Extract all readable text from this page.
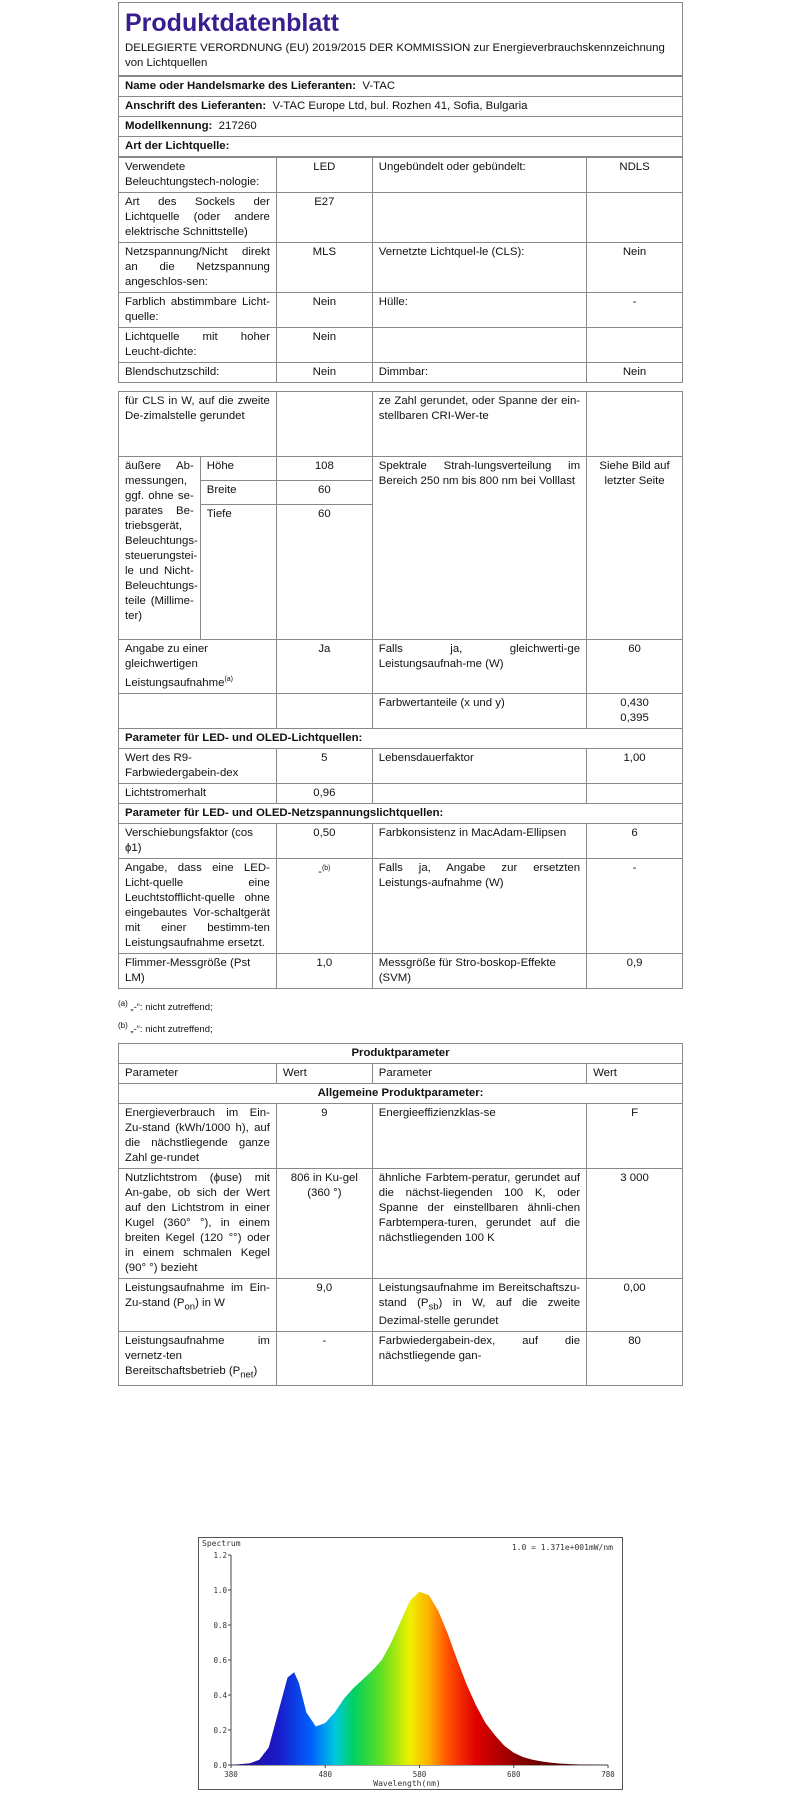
Produktdatenblatt
DELEGIERTE VERORDNUNG (EU) 2019/2015 DER KOMMISSION zur Energieverbrauchskennzeichnung von Lichtquellen
Name oder Handelsmarke des Lieferanten: V-TAC
Anschrift des Lieferanten: V-TAC Europe Ltd, bul. Rozhen 41, Sofia, Bulgaria
Modellkennung: 217260
Art der Lichtquelle:
Verwendete Beleuchtungstech-nologie:	LED	Ungebündelt oder gebündelt:	NDLS
Art des Sockels der Lichtquelle (oder andere elektrische Schnittstelle)	E27		
Netzspannung/Nicht direkt an die Netzspannung angeschlos-sen:	MLS	Vernetzte Lichtquel-le (CLS):	Nein
Farblich abstimmbare Licht-quelle:	Nein	Hülle:	-
Lichtquelle mit hoher Leucht-dichte:	Nein		
Blendschutzschild:	Nein	Dimmbar:	Nein
für CLS in W, auf die zweite De-zimalstelle gerundet			ze Zahl gerundet, oder Spanne der ein-stellbaren CRI-Wer-te	
äußere Ab-messungen, ggf. ohne se-parates Be-triebsgerät, Beleuchtungs-steuerungstei-le und Nicht-Beleuchtungs-teile (Millime-ter)	Höhe	108	Spektrale Strah-lungsverteilung im Bereich 250 nm bis 800 nm bei Volllast	Siehe Bild auf letzter Seite
	Breite	60		
	Tiefe	60		
Angabe zu einer gleichwertigen Leistungsaufnahme$^{(a)}$		Ja	Falls ja, gleichwerti-ge Leistungsaufnah-me (W)	60
			Farbwertanteile (x und y)	0,430
0,395

Parameter für LED- und OLED-Lichtquellen:				
Wert des R9-Farbwiedergabein-dex		5	Lebensdauerfaktor	1,00
Lichtstromerhalt		0,96		
Parameter für LED- und OLED-Netzspannungslichtquellen:				
Verschiebungsfaktor (cos ϕ1)		0,50	Farbkonsistenz in MacAdam-Ellipsen	6
Angabe, dass eine LED-Licht-quelle eine Leuchtstofflicht-quelle ohne eingebautes Vor-schaltgerät mit einer bestimm-ten Leistungsaufnahme ersetzt.		-$^{(b)}$	Falls ja, Angabe zur ersetzten Leistungs-aufnahme (W)	-
Flimmer-Messgröße (Pst LM)		1,0	Messgröße für Stro-boskop-Effekte (SVM)	0,9
$^{(a)}$ „-“: nicht zutreffend;
$^{(b)}$ „-“: nicht zutreffend;
Produktparameter			
Parameter	Wert	Parameter	Wert
Allgemeine Produktparameter:			
Energieverbrauch im Ein-Zu-stand (kWh/1000 h), auf die nächstliegende ganze Zahl ge-rundet	9	Energieeffizienzklas-se	F
Nutzlichtstrom (ϕuse) mit An-gabe, ob sich der Wert auf den Lichtstrom in einer Kugel (360° °), in einem breiten Kegel (120 °°) oder in einem schmalen Kegel (90° °) bezieht	806 in Ku-gel (360 °)	ähnliche Farbtem-peratur, gerundet auf die nächst-liegenden 100 K, oder Spanne der einstellbaren ähnli-chen Farbtempera-turen, gerundet auf die nächstliegenden 100 K	3 000
Leistungsaufnahme im Ein-Zu-stand $(P_{on})$ in W	9,0	Leistungsaufnahme im Bereitschaftszu-stand $(P_{sb})$ in W, auf die zweite Dezimal-stelle gerundet	0,00
Leistungsaufnahme im vernetz-ten Bereitschaftsbetrieb $(P_{net})$	-	Farbwiedergabein-dex, auf die nächstliegende gan-	80
Spectrum	1.0 = 1.371e+001mW/nm
0.0
0.2
0.4
0.6
0.8
1.0
1.2
380	480	580	680	780
Wavelength(nm)
